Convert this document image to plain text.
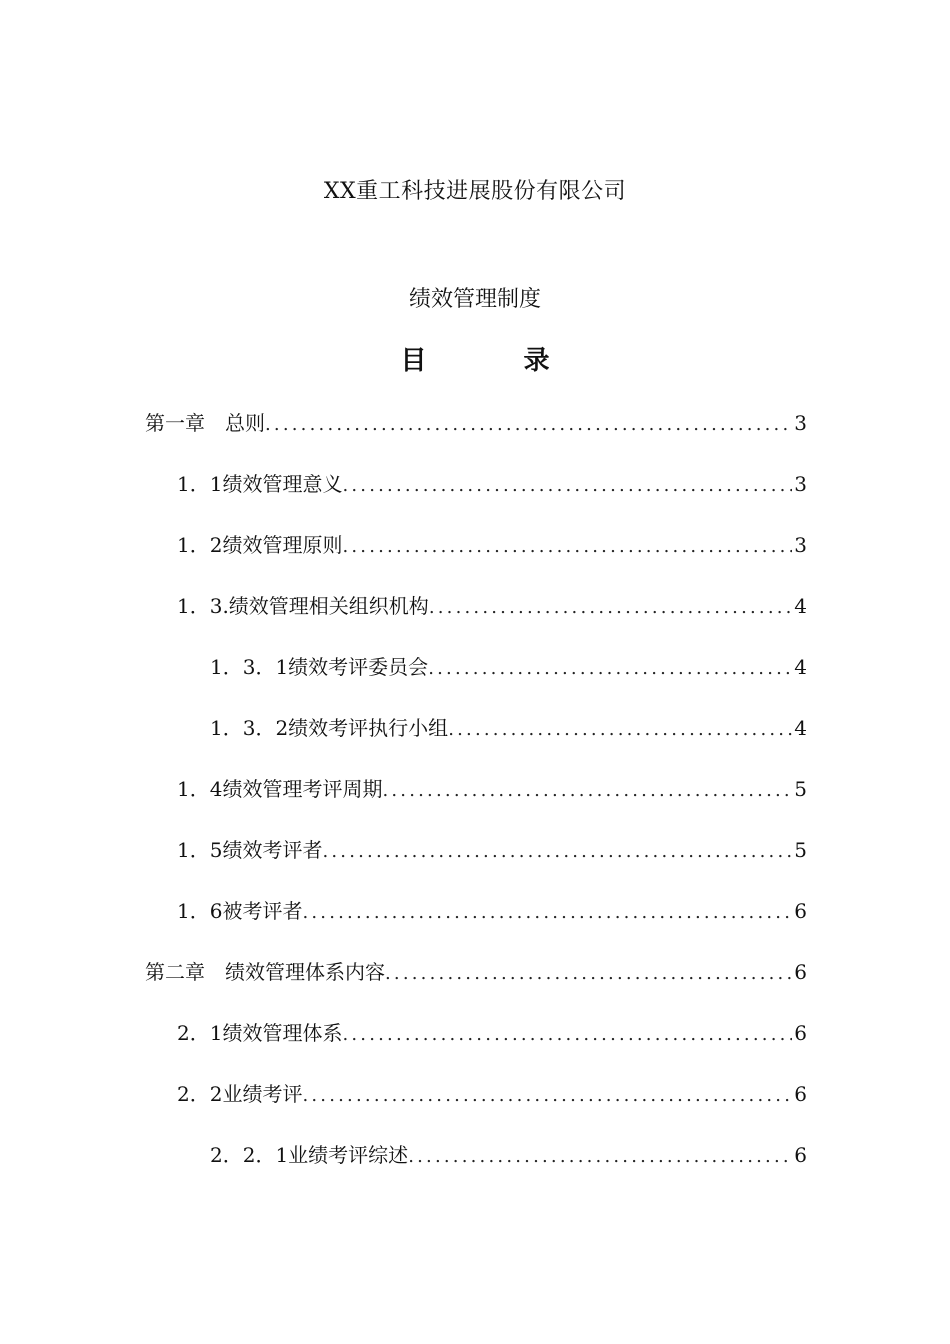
XX重工科技进展股份有限公司
绩效管理制度
目 录
第一章　总则 .....	3
1．1绩效管理意义 .....	3
1．2绩效管理原则 .....	3
1．3.绩效管理相关组织机构 .....	4
1．3．1绩效考评委员会 .....	4
1．3．2绩效考评执行小组 .....	4
1．4绩效管理考评周期 .....	5
1．5绩效考评者 .....	5
1．6被考评者 .....	6
第二章　绩效管理体系内容 .....	6
2．1绩效管理体系 .....	6
2．2业绩考评 .....	6
2．2．1业绩考评综述 .....	6
